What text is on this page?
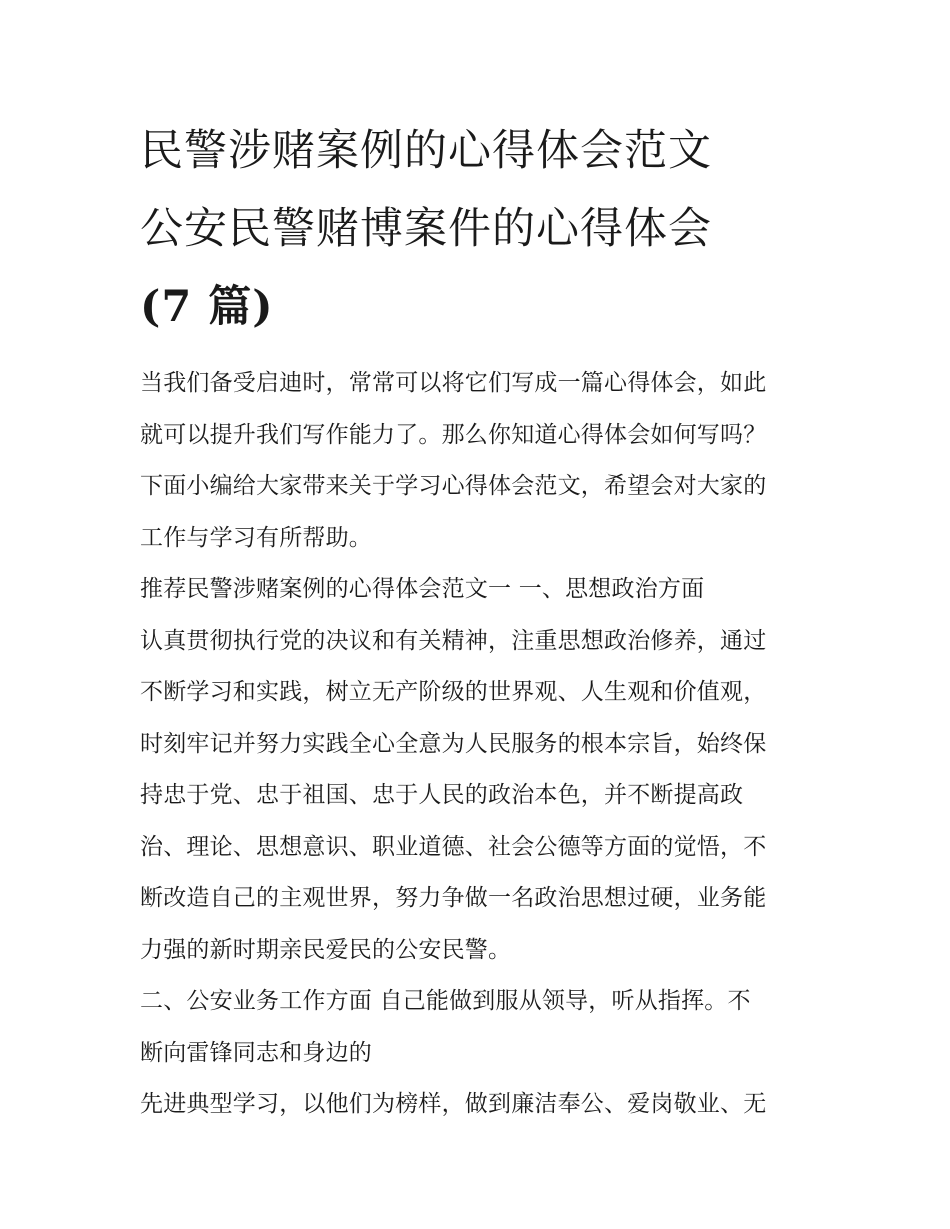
民警涉赌案例的心得体会范文
公安民警赌博案件的心得体会
(7 篇)

当我们备受启迪时，常常可以将它们写成一篇心得体会，如此
就可以提升我们写作能力了。那么你知道心得体会如何写吗？
下面小编给大家带来关于学习心得体会范文，希望会对大家的
工作与学习有所帮助。

推荐民警涉赌案例的心得体会范文一 一、思想政治方面

认真贯彻执行党的决议和有关精神，注重思想政治修养，通过
不断学习和实践，树立无产阶级的世界观、人生观和价值观，
时刻牢记并努力实践全心全意为人民服务的根本宗旨，始终保
持忠于党、忠于祖国、忠于人民的政治本色，并不断提高政
治、理论、思想意识、职业道德、社会公德等方面的觉悟，不
断改造自己的主观世界，努力争做一名政治思想过硬，业务能
力强的新时期亲民爱民的公安民警。

二、公安业务工作方面 自己能做到服从领导，听从指挥。不
断向雷锋同志和身边的

先进典型学习，以他们为榜样，做到廉洁奉公、爱岗敬业、无
